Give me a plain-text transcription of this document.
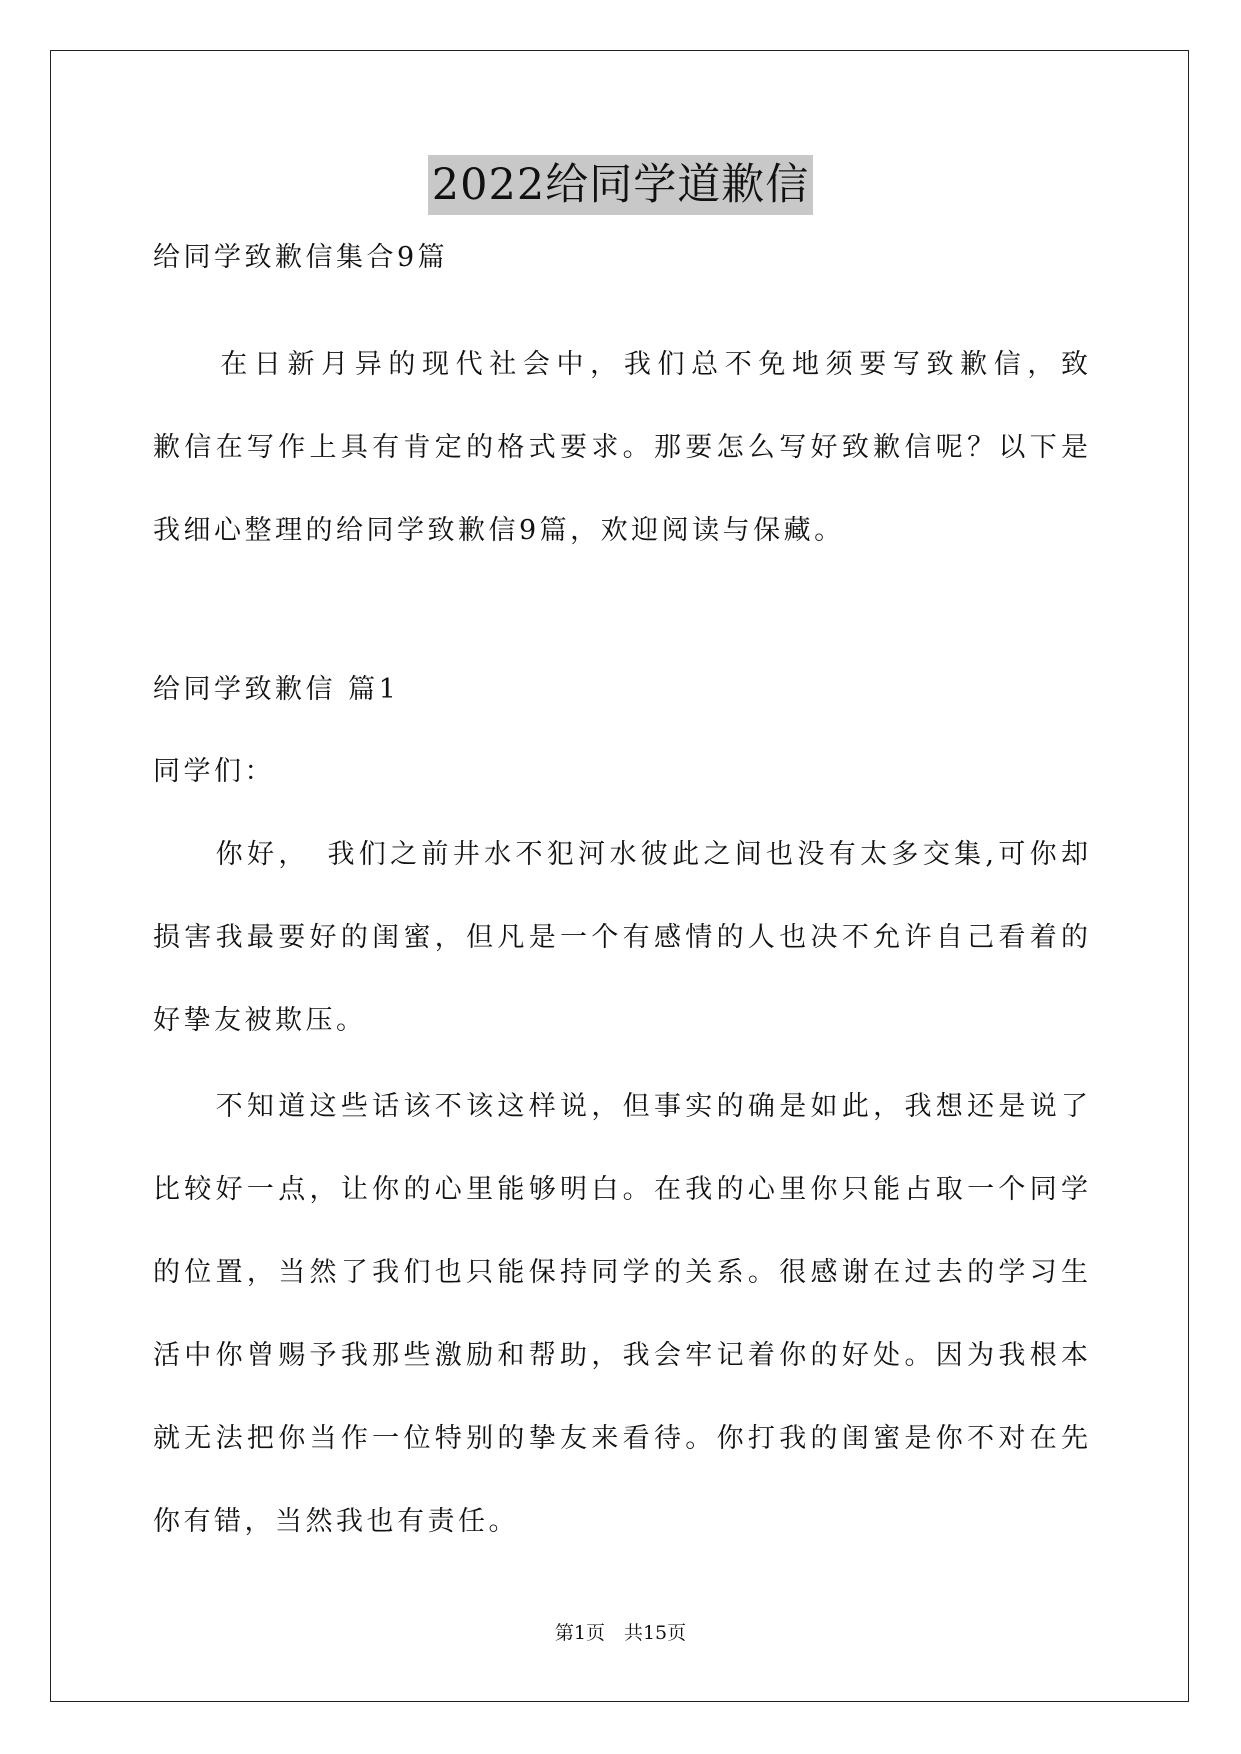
2022给同学道歉信
给同学致歉信集合9篇
　　在日新月异的现代社会中，我们总不免地须要写致歉信，致
歉信在写作上具有肯定的格式要求。那要怎么写好致歉信呢？以下是
我细心整理的给同学致歉信9篇，欢迎阅读与保藏。
给同学致歉信 篇1
同学们：
　　你好，　我们之前井水不犯河水彼此之间也没有太多交集,可你却
损害我最要好的闺蜜，但凡是一个有感情的人也决不允许自己看着的
好挚友被欺压。
　　不知道这些话该不该这样说，但事实的确是如此，我想还是说了
比较好一点，让你的心里能够明白。在我的心里你只能占取一个同学
的位置，当然了我们也只能保持同学的关系。很感谢在过去的学习生
活中你曾赐予我那些激励和帮助，我会牢记着你的好处。因为我根本
就无法把你当作一位特别的挚友来看待。你打我的闺蜜是你不对在先
你有错，当然我也有责任。
第1页　共15页
